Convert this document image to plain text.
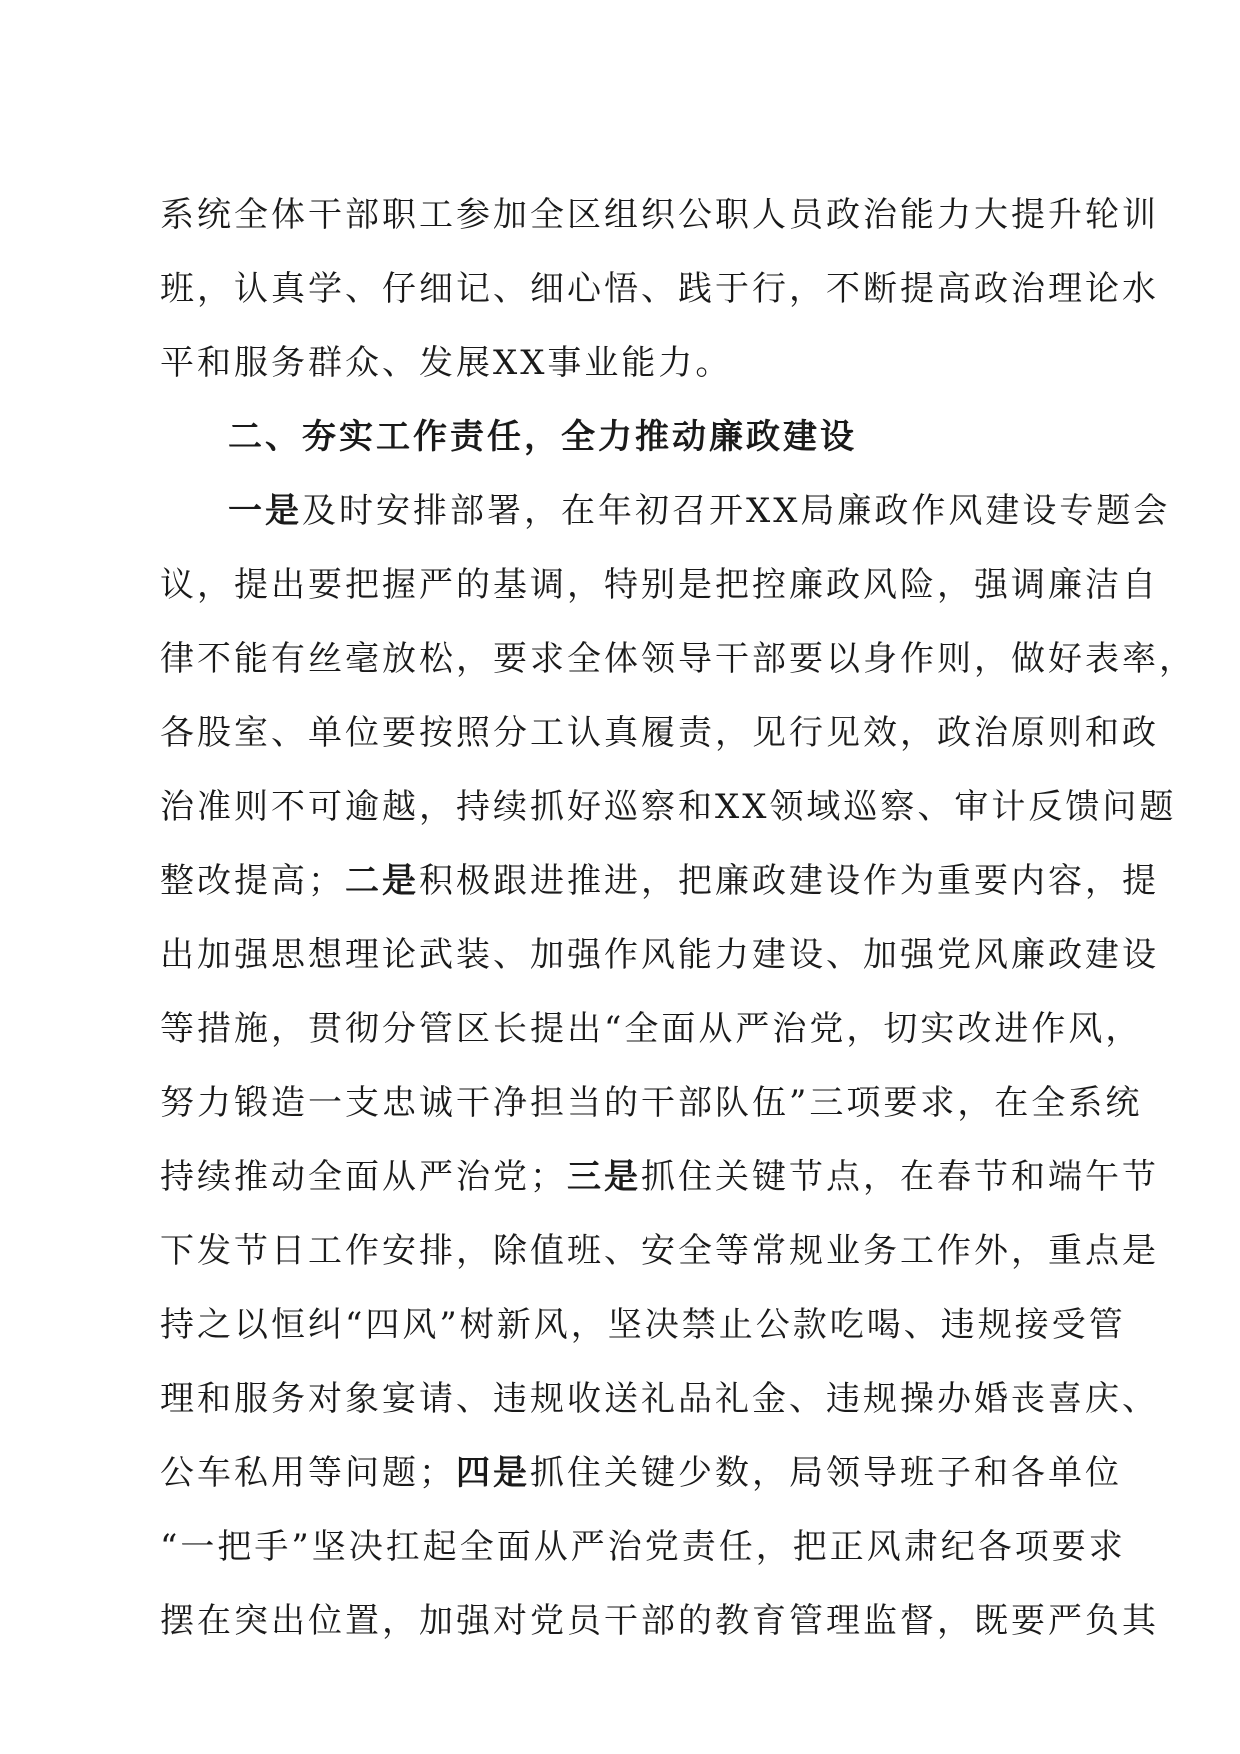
系统全体干部职工参加全区组织公职人员政治能力大提升轮训
班，认真学、仔细记、细心悟、践于行，不断提高政治理论水
平和服务群众、发展XX事业能力。
二、夯实工作责任，全力推动廉政建设
一是及时安排部署，在年初召开XX局廉政作风建设专题会
议，提出要把握严的基调，特别是把控廉政风险，强调廉洁自
律不能有丝毫放松，要求全体领导干部要以身作则，做好表率，
各股室、单位要按照分工认真履责，见行见效，政治原则和政
治准则不可逾越，持续抓好巡察和XX领域巡察、审计反馈问题
整改提高；二是积极跟进推进，把廉政建设作为重要内容，提
出加强思想理论武装、加强作风能力建设、加强党风廉政建设
等措施，贯彻分管区长提出“全面从严治党，切实改进作风，
努力锻造一支忠诚干净担当的干部队伍”三项要求，在全系统
持续推动全面从严治党；三是抓住关键节点，在春节和端午节
下发节日工作安排，除值班、安全等常规业务工作外，重点是
持之以恒纠“四风”树新风，坚决禁止公款吃喝、违规接受管
理和服务对象宴请、违规收送礼品礼金、违规操办婚丧喜庆、
公车私用等问题；四是抓住关键少数，局领导班子和各单位
“一把手”坚决扛起全面从严治党责任，把正风肃纪各项要求
摆在突出位置，加强对党员干部的教育管理监督，既要严负其
